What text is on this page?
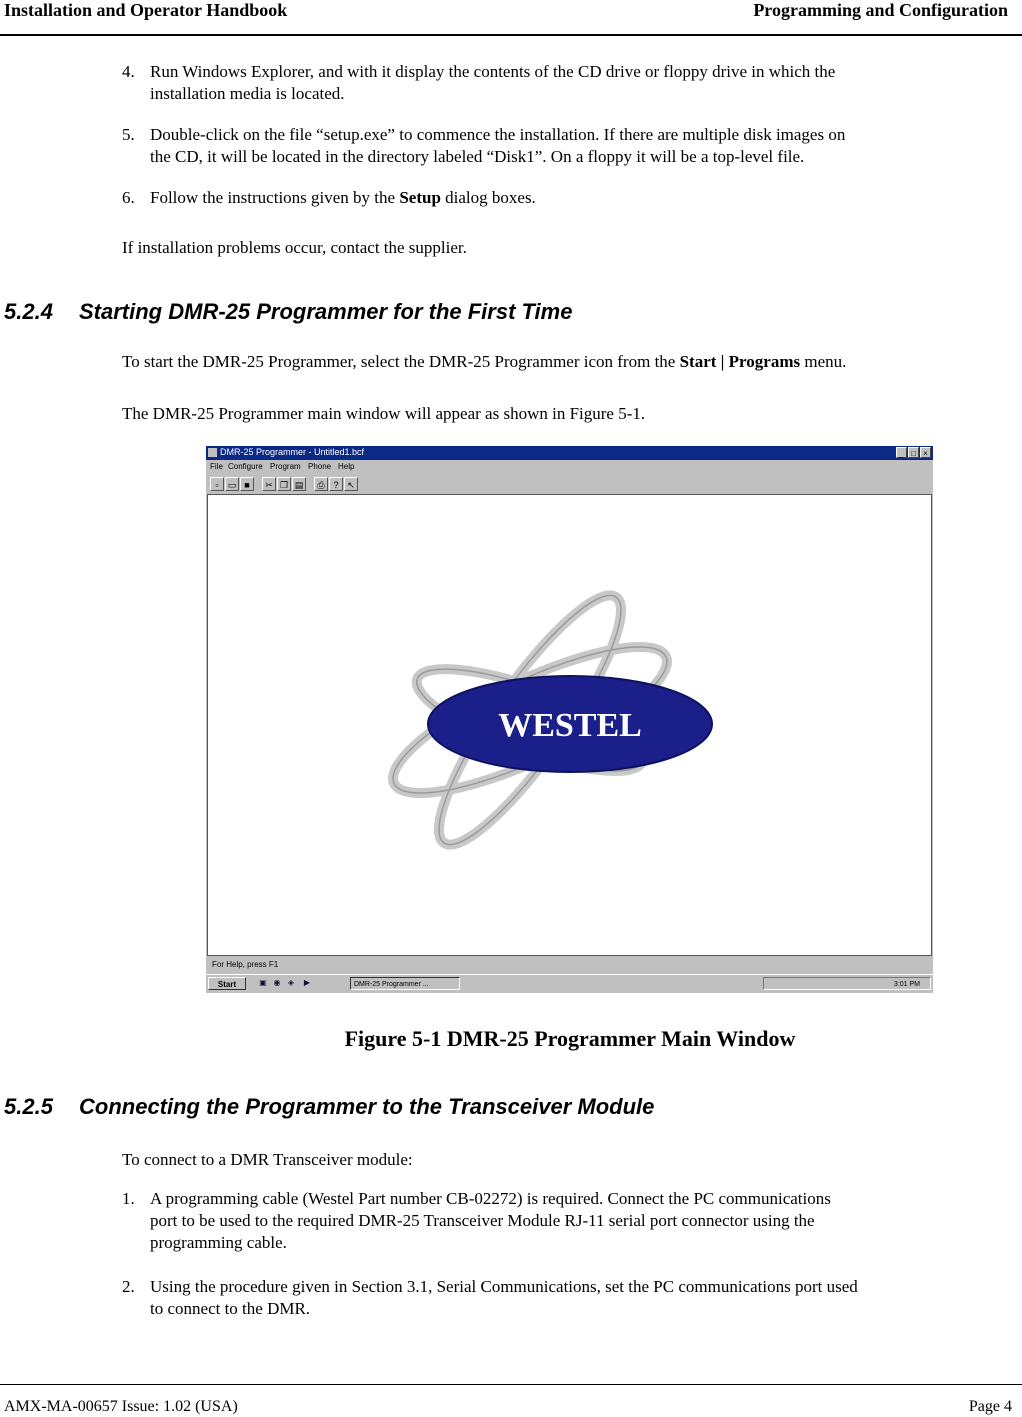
Installation and Operator Handbook	Programming and Configuration
4. Run Windows Explorer, and with it display the contents of the CD drive or floppy drive in which the
installation media is located.
5. Double-click on the file “setup.exe” to commence the installation. If there are multiple disk images on
the CD, it will be located in the directory labeled “Disk1”. On a floppy it will be a top-level file.
6. Follow the instructions given by the Setup dialog boxes.
If installation problems occur, contact the supplier.
5.2.4 Starting DMR-25 Programmer for the First Time
To start the DMR-25 Programmer, select the DMR-25 Programmer icon from the Start | Programs menu.
The DMR-25 Programmer main window will appear as shown in Figure 5-1.
DMR-25 Programmer - Untitled1.bcf	_ □ ×
File Configure Program Phone Help
▫	▭ ■	✂ ❐ ▤	⎙ ? ↖
WESTEL
For Help, press F1
Start	▣ ◉ ◈ ▶	DMR-25 Programmer ...	3:01 PM
Figure 5-1 DMR-25 Programmer Main Window
5.2.5 Connecting the Programmer to the Transceiver Module
To connect to a DMR Transceiver module:
1. A programming cable (Westel Part number CB-02272) is required. Connect the PC communications
port to be used to the required DMR-25 Transceiver Module RJ-11 serial port connector using the
programming cable.
2. Using the procedure given in Section 3.1, Serial Communications, set the PC communications port used
to connect to the DMR.
AMX-MA-00657 Issue: 1.02 (USA)	Page 4
